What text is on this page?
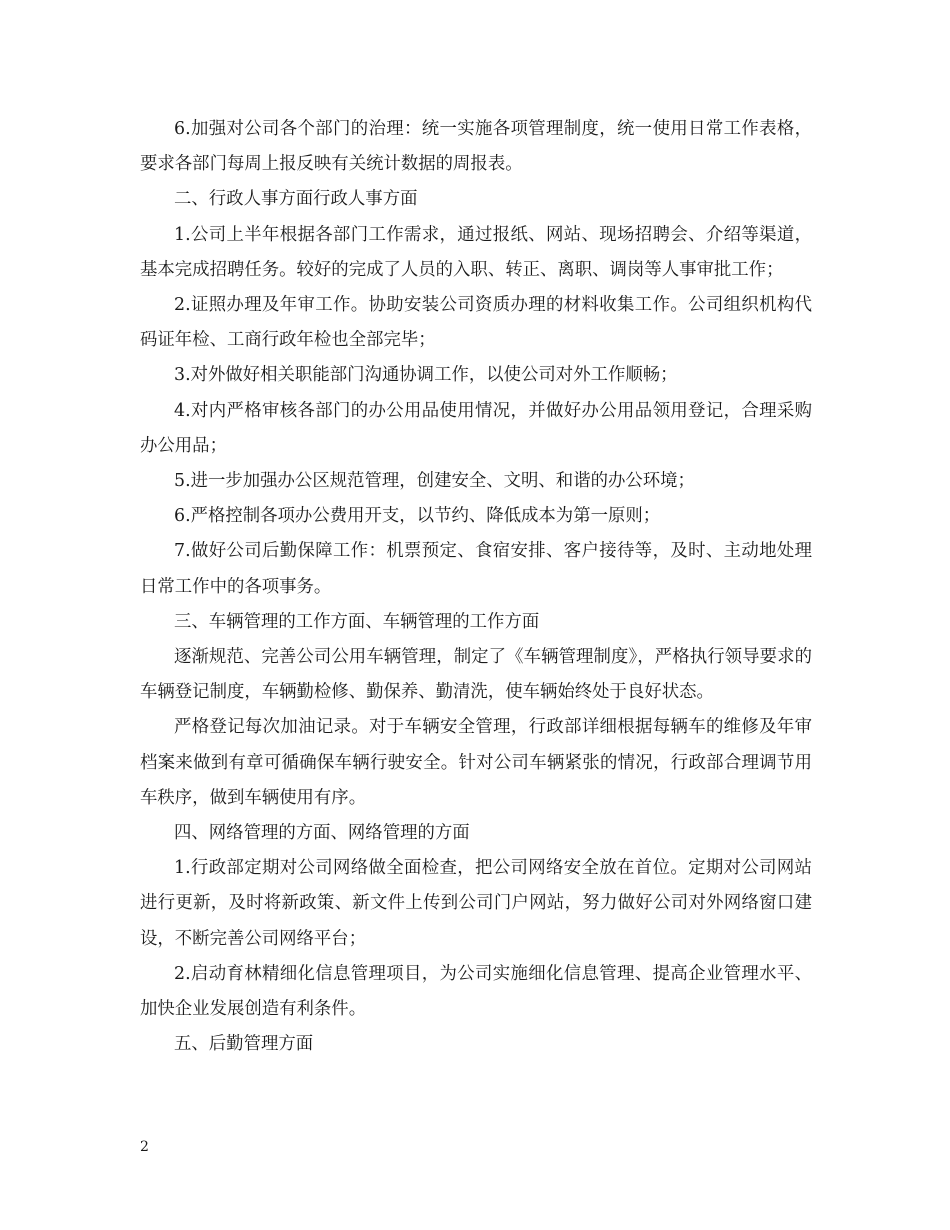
6.加强对公司各个部门的治理：统一实施各项管理制度，统一使用日常工作表格，要求各部门每周上报反映有关统计数据的周报表。

二、行政人事方面行政人事方面

1.公司上半年根据各部门工作需求，通过报纸、网站、现场招聘会、介绍等渠道，基本完成招聘任务。较好的完成了人员的入职、转正、离职、调岗等人事审批工作；

2.证照办理及年审工作。协助安装公司资质办理的材料收集工作。公司组织机构代码证年检、工商行政年检也全部完毕；

3.对外做好相关职能部门沟通协调工作，以使公司对外工作顺畅；

4.对内严格审核各部门的办公用品使用情况，并做好办公用品领用登记，合理采购办公用品；

5.进一步加强办公区规范管理，创建安全、文明、和谐的办公环境；

6.严格控制各项办公费用开支，以节约、降低成本为第一原则；

7.做好公司后勤保障工作：机票预定、食宿安排、客户接待等，及时、主动地处理日常工作中的各项事务。

三、车辆管理的工作方面、车辆管理的工作方面

逐渐规范、完善公司公用车辆管理，制定了《车辆管理制度》，严格执行领导要求的车辆登记制度，车辆勤检修、勤保养、勤清洗，使车辆始终处于良好状态。

严格登记每次加油记录。对于车辆安全管理，行政部详细根据每辆车的维修及年审档案来做到有章可循确保车辆行驶安全。针对公司车辆紧张的情况，行政部合理调节用车秩序，做到车辆使用有序。

四、网络管理的方面、网络管理的方面

1.行政部定期对公司网络做全面检查，把公司网络安全放在首位。定期对公司网站进行更新，及时将新政策、新文件上传到公司门户网站，努力做好公司对外网络窗口建设，不断完善公司网络平台；

2.启动育林精细化信息管理项目，为公司实施细化信息管理、提高企业管理水平、加快企业发展创造有利条件。

五、后勤管理方面

2
